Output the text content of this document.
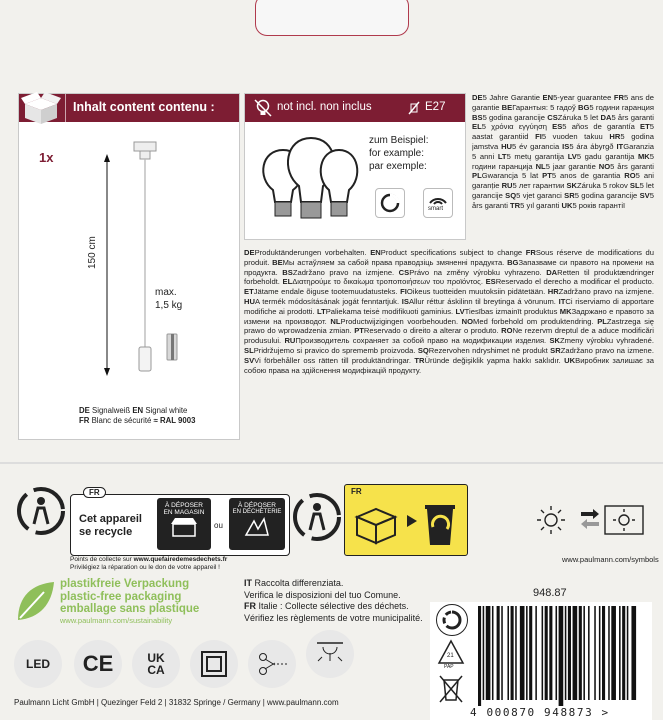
Inhalt content contenu :
1x
150 cm
max.
1,5 kg
DE Signalweiß EN Signal white
FR Blanc de sécurité ≈ RAL 9003
not incl. non inclus	E27
zum Beispiel:
for example:
par exemple:
smart
DE5 Jahre Garantie EN5-year guarantee FR5 ans de garantie BEГарантыя: 5 гадоў BG5 години гаранция BS5 godina garancije CSZáruka 5 let DA5 års garanti EL5 χρόνια εγγύηση ES5 años de garantía ET5 aastat garantiid FI5 vuoden takuu HR5 godina jamstva HU5 év garancia IS5 ára ábyrgð ITGaranzia 5 anni LT5 metų garantija LV5 gadu garantija MK5 години гаранција NL5 jaar garantie NO5 års garanti PLGwarancja 5 lat PT5 anos de garantia RO5 ani garanție RU5 лет гарантии SKZáruka 5 rokov SL5 let garancije SQ5 vjet garanci SR5 godina garancije SV5 års garanti TR5 yıl garanti UK5 років гарантії
DEProduktänderungen vorbehalten. ENProduct specifications subject to change FRSous réserve de modifications du produit. BEМы астаўляем за сабой права праводзіць змяненні прадукта. BGЗапазваме си правото на промени на продукта. BSZadržano pravo na izmjene. CSPrávo na změny výrobku vyhrazeno. DARetten til produktændringer forbeholdt. ELΔιατηρούμε το δικαίωμα τροποποιήσεων του προϊόντος. ESReservado el derecho a modificar el producto. ETJätame endale õiguse tootemuudatusteks. FIOikeus tuotteiden muutoksiin pidätetään. HRZadržano pravo na izmjene. HUA termék módosításának jogát fenntartjuk. ISAllur réttur áskilinn til breytinga á vörunum. ITCi riserviamo di apportare modifiche ai prodotti. LTPaliekama teisė modifikuoti gaminius. LVTiesības izmainīt produktus MKЗадржано е правото за измени на производот. NLProductwijzigingen voorbehouden. NOMed forbehold om produktendring. PLZastrzega się prawo do wprowadzenia zmian. PTReservado o direito a alterar o produto. RONe rezervm dreptul de a aduce modificări produsului. RUПроизводитель сохраняет за собой право на модификации изделия. SKZmeny výrobku vyhradené. SLPridržujemo si pravico do sprememb proizvoda. SQRezervohen ndryshimet në produkt SRZadržano pravo na izmene. SVVi förbehåller oss rätten till produktändringar. TRÜründe değişiklik yapma hakkı saklıdır. UKВиробник залишає за собою права на здійснення модифікацій продукту.
FR
Cet appareil
se recycle
À DÉPOSER
EN MAGASIN
ou
À DÉPOSER
EN DÉCHÈTERIE
Points de collecte sur www.quefairedemesdechets.fr
Privilégiez la réparation ou le don de votre appareil !
FR
www.paulmann.com/symbols
plastikfreie Verpackung
plastic-free packaging
emballage sans plastique
www.paulmann.com/sustainability
IT Raccolta differenziata.
Verifica le disposizioni del tuo Comune.
FR Italie : Collecte sélective des déchets.
Vérifiez les règlements de votre municipalité.
948.87
21
PAP
4 000870 948873 >
LED CE	UK
CA
Paulmann Licht GmbH | Quezinger Feld 2 | 31832 Springe / Germany | www.paulmann.com
